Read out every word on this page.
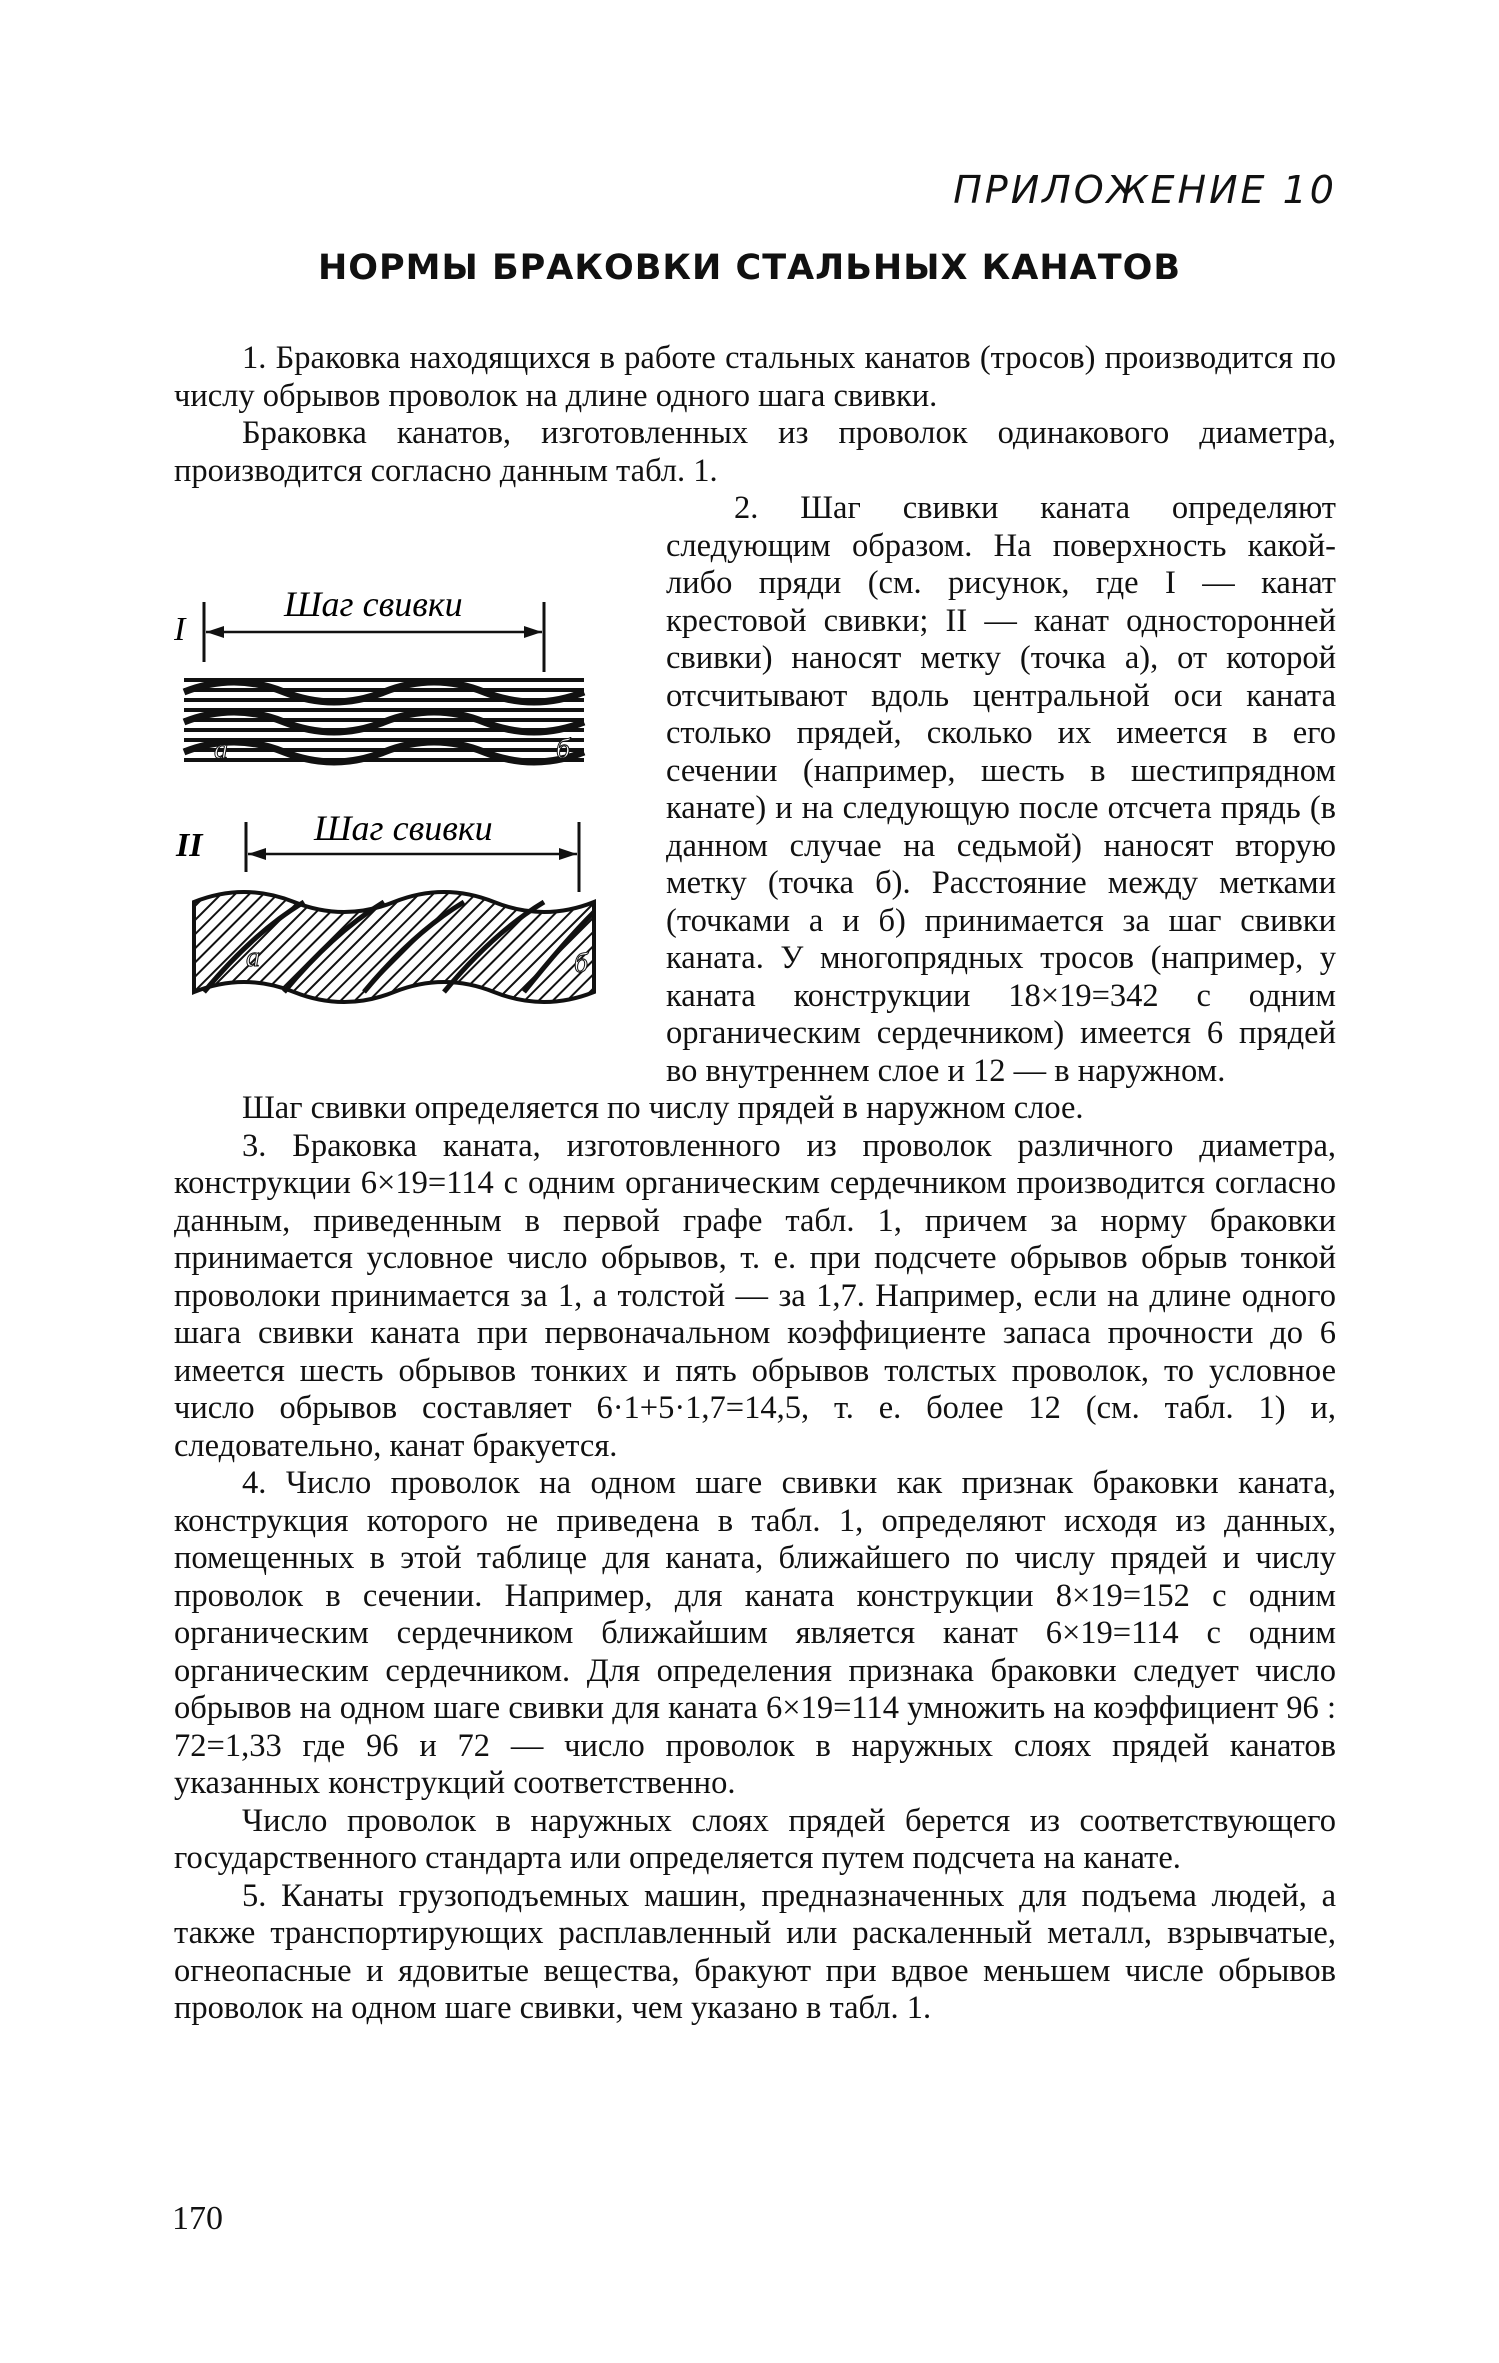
ПРИЛОЖЕНИЕ 10
НОРМЫ БРАКОВКИ СТАЛЬНЫХ КАНАТОВ

1. Браковка находящихся в работе стальных канатов (тросов) производится по числу обрывов проволок на длине одного шага свивки.

Браковка канатов, изготовленных из проволок одинакового диаметра, производится согласно данным табл. 1.

I
Шаг свивки
а	б
II	Шаг свивки
а	б
2. Шаг свивки каната определяют следующим образом. На поверхность какой-либо пряди (см. рисунок, где I — канат крестовой свивки; II — канат односторонней свивки) наносят метку (точка а), от которой отсчитывают вдоль центральной оси каната столько прядей, сколько их имеется в его сечении (например, шесть в шестипрядном канате) и на следующую после отсчета прядь (в данном случае на седьмой) наносят вторую метку (точка б). Расстояние между метками (точками а и б) принимается за шаг свивки каната. У многопрядных тросов (например, у каната конструкции 18×19=342 с одним органическим сердечником) имеется 6 прядей во внутреннем слое и 12 — в наружном.

Шаг свивки определяется по числу прядей в наружном слое.

3. Браковка каната, изготовленного из проволок различного диаметра, конструкции 6×19=114 с одним органическим сердечником производится согласно данным, приведенным в первой графе табл. 1, причем за норму браковки принимается условное число обрывов, т. е. при подсчете обрывов обрыв тонкой проволоки принимается за 1, а толстой — за 1,7. Например, если на длине одного шага свивки каната при первоначальном коэффициенте запаса прочности до 6 имеется шесть обрывов тонких и пять обрывов толстых проволок, то условное число обрывов составляет 6·1+5·1,7=14,5, т. е. более 12 (см. табл. 1) и, следовательно, канат бракуется.

4. Число проволок на одном шаге свивки как признак браковки каната, конструкция которого не приведена в табл. 1, определяют исходя из данных, помещенных в этой таблице для каната, ближайшего по числу прядей и числу проволок в сечении. Например, для каната конструкции 8×19=152 с одним органическим сердечником ближайшим является канат 6×19=114 с одним органическим сердечником. Для определения признака браковки следует число обрывов на одном шаге свивки для каната 6×19=114 умножить на коэффициент 96 : 72=1,33 где 96 и 72 — число проволок в наружных слоях прядей канатов указанных конструкций соответственно.

Число проволок в наружных слоях прядей берется из соответствующего государственного стандарта или определяется путем подсчета на канате.

5. Канаты грузоподъемных машин, предназначенных для подъема людей, а также транспортирующих расплавленный или раскаленный металл, взрывчатые, огнеопасные и ядовитые вещества, бракуют при вдвое меньшем числе обрывов проволок на одном шаге свивки, чем указано в табл. 1.

170
